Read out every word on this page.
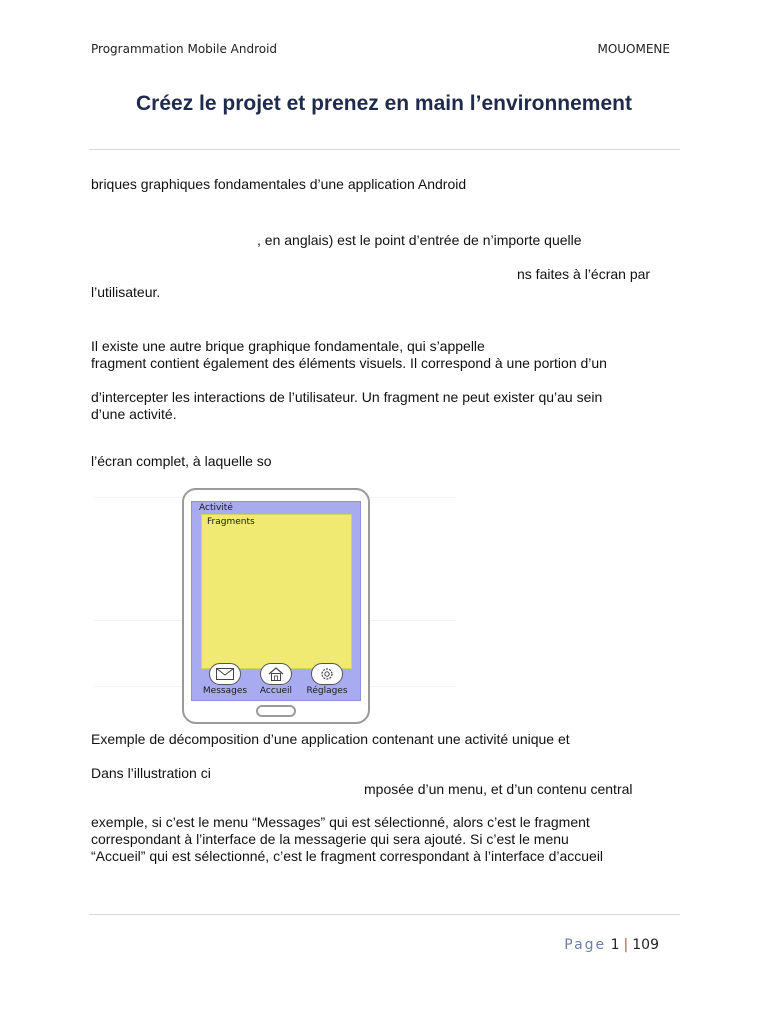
Programmation Mobile Android	MOUOMENE
Créez le projet et prenez en main l’environnement
briques graphiques fondamentales d’une application Android
, en anglais) est le point d’entrée de n’importe quelle
ns faites à l’écran par
l’utilisateur.
Il existe une autre brique graphique fondamentale, qui s’appelle
fragment contient également des éléments visuels. Il correspond à une portion d’un
d’intercepter les interactions de l’utilisateur. Un fragment ne peut exister qu’au sein
d’une activité.
l’écran complet, à laquelle so
Activité
Fragments
Messages	Accueil	Réglages
Exemple de décomposition d’une application contenant une activité unique et
Dans l’illustration ci
mposée d’un menu, et d’un contenu central
exemple, si c’est le menu “Messages” qui est sélectionné, alors c’est le fragment
correspondant à l’interface de la messagerie qui sera ajouté. Si c’est le menu
“Accueil” qui est sélectionné, c’est le fragment correspondant à l’interface d’accueil
Page 1 | 109
